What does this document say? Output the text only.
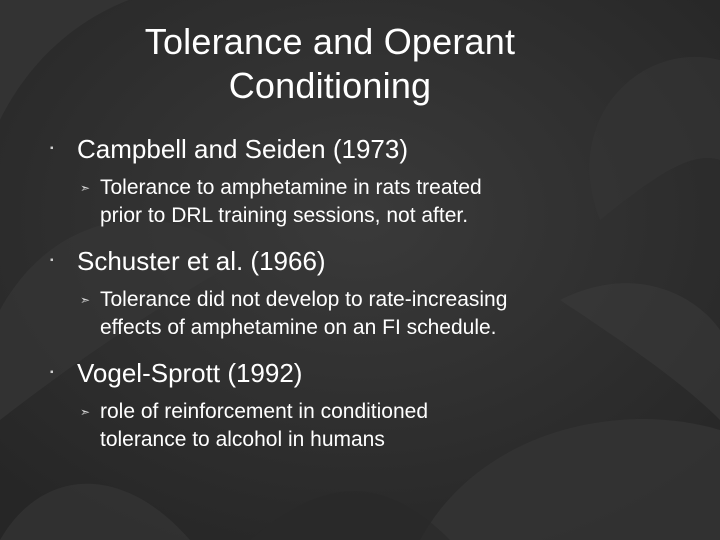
Tolerance and Operant
Conditioning
▪ Campbell and Seiden (1973)
➣ Tolerance to amphetamine in rats treated
prior to DRL training sessions, not after.
▪ Schuster et al. (1966)
➣ Tolerance did not develop to rate-increasing
effects of amphetamine on an FI schedule.
▪ Vogel-Sprott (1992)
➣ role of reinforcement in conditioned
tolerance to alcohol in humans
